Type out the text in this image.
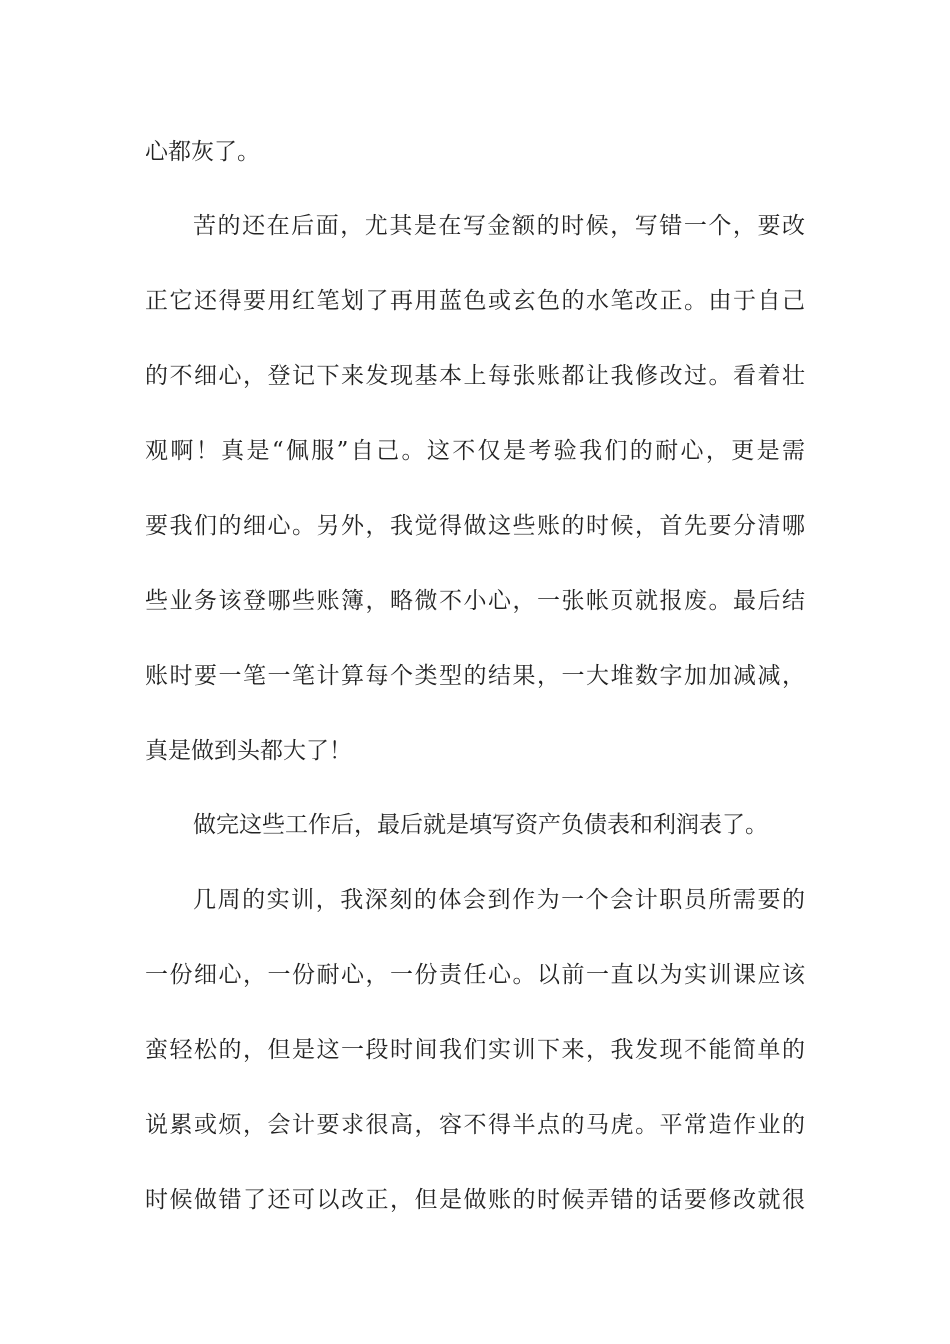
心都灰了。
苦的还在后面，尤其是在写金额的时候，写错一个，要改
正它还得要用红笔划了再用蓝色或玄色的水笔改正。由于自己
的不细心，登记下来发现基本上每张账都让我修改过。看着壮
观啊！真是“佩服”自己。这不仅是考验我们的耐心，更是需
要我们的细心。另外，我觉得做这些账的时候，首先要分清哪
些业务该登哪些账簿，略微不小心，一张帐页就报废。最后结
账时要一笔一笔计算每个类型的结果，一大堆数字加加减减，
真是做到头都大了！
做完这些工作后，最后就是填写资产负债表和利润表了。
几周的实训，我深刻的体会到作为一个会计职员所需要的
一份细心，一份耐心，一份责任心。以前一直以为实训课应该
蛮轻松的，但是这一段时间我们实训下来，我发现不能简单的
说累或烦，会计要求很高，容不得半点的马虎。平常造作业的
时候做错了还可以改正，但是做账的时候弄错的话要修改就很
